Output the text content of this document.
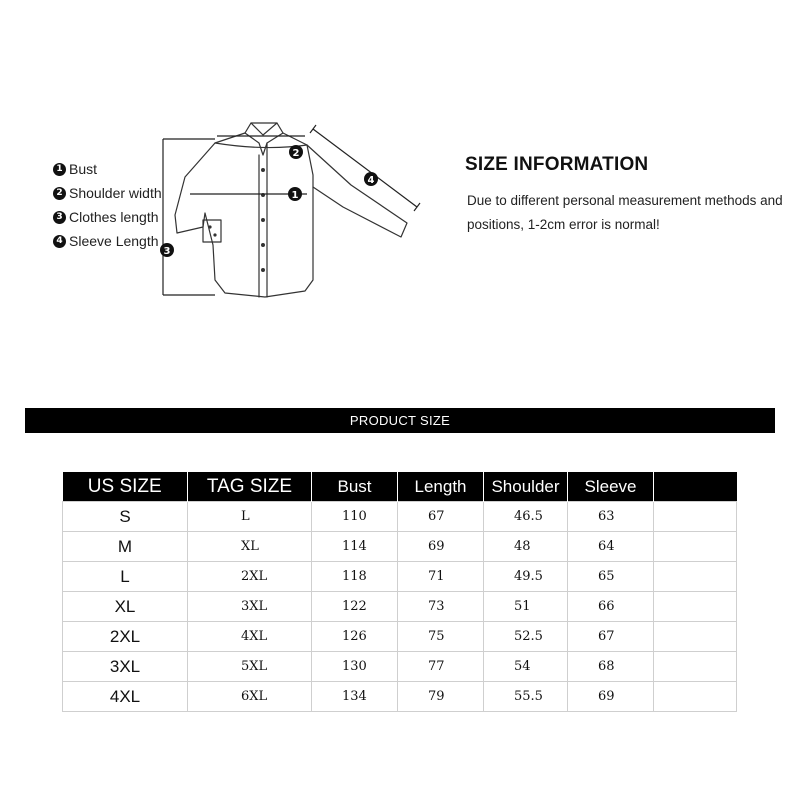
1 Bust
2 Shoulder width
3 Clothes length
4 Sleeve Length
1
2
3
4
SIZE INFORMATION
Due to different personal measurement methods and positions, 1-2cm error is normal!
PRODUCT SIZE
US SIZE	TAG SIZE	Bust	Length	Shoulder	Sleeve	
S	L	110	67	46.5	63	
M	XL	114	69	48	64	
L	2XL	118	71	49.5	65	
XL	3XL	122	73	51	66	
2XL	4XL	126	75	52.5	67	
3XL	5XL	130	77	54	68	
4XL	6XL	134	79	55.5	69	
